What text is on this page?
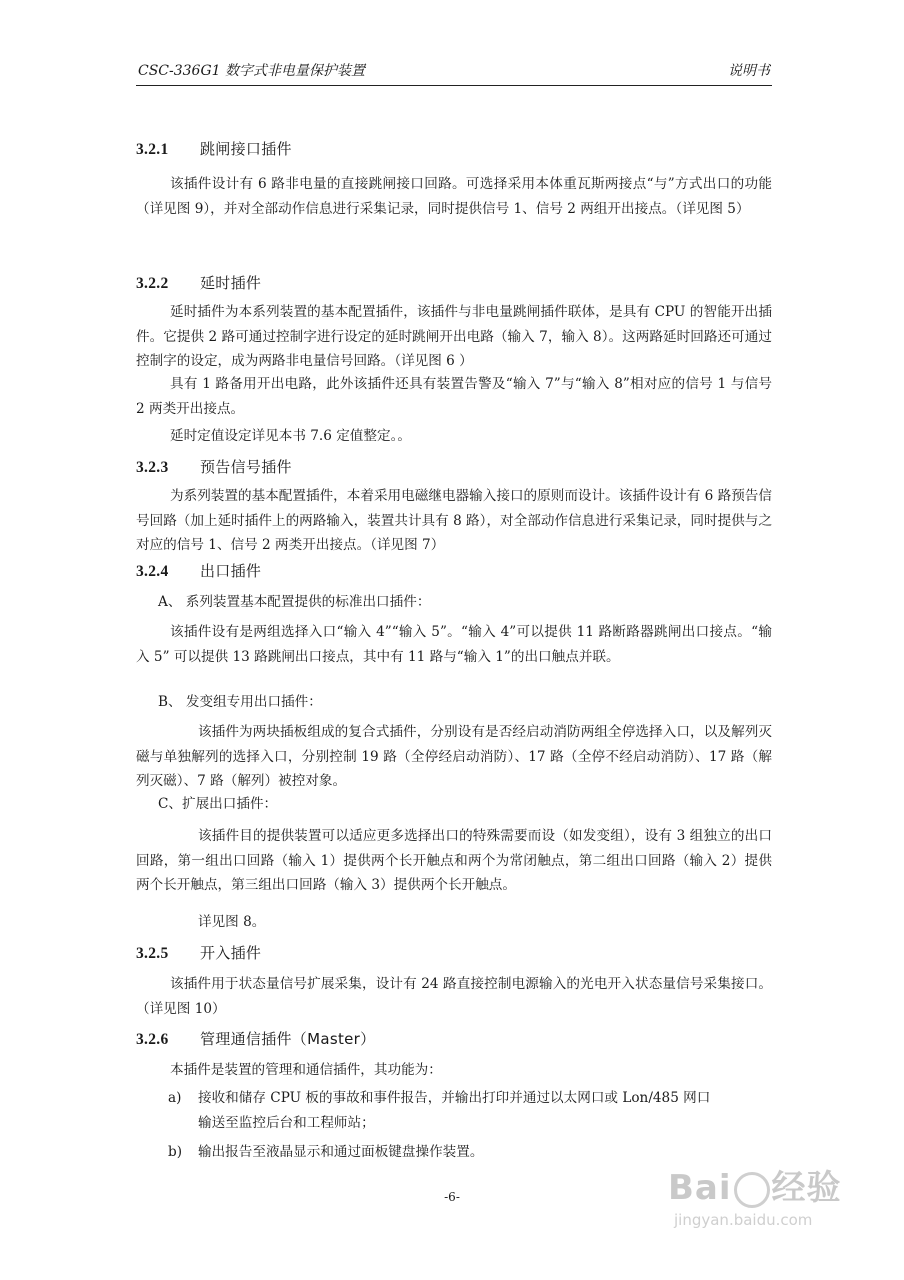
CSC-336G1 数字式非电量保护装置	说明书
3.2.1 跳闸接口插件
该插件设计有 6 路非电量的直接跳闸接口回路。可选择采用本体重瓦斯两接点“与”方式出口的功能（详见图 9），并对全部动作信息进行采集记录，同时提供信号 1、信号 2 两组开出接点。（详见图 5）
3.2.2 延时插件
延时插件为本系列装置的基本配置插件，该插件与非电量跳闸插件联体，是具有 CPU 的智能开出插件。它提供 2 路可通过控制字进行设定的延时跳闸开出电路（输入 7，输入 8）。这两路延时回路还可通过控制字的设定，成为两路非电量信号回路。（详见图 6 ）
具有 1 路备用开出电路，此外该插件还具有装置告警及“输入 7”与“输入 8”相对应的信号 1 与信号 2 两类开出接点。
延时定值设定详见本书 7.6 定值整定。。
3.2.3 预告信号插件
为系列装置的基本配置插件，本着采用电磁继电器输入接口的原则而设计。该插件设计有 6 路预告信号回路（加上延时插件上的两路输入，装置共计具有 8 路），对全部动作信息进行采集记录，同时提供与之对应的信号 1、信号 2 两类开出接点。（详见图 7）
3.2.4 出口插件
A、 系列装置基本配置提供的标准出口插件：
该插件设有是两组选择入口“输入 4”“输入 5”。“输入 4”可以提供 11 路断路器跳闸出口接点。“输入 5” 可以提供 13 路跳闸出口接点，其中有 11 路与“输入 1”的出口触点并联。
B、 发变组专用出口插件：
该插件为两块插板组成的复合式插件，分别设有是否经启动消防两组全停选择入口，以及解列灭磁与单独解列的选择入口，分别控制 19 路（全停经启动消防）、17 路（全停不经启动消防）、17 路（解列灭磁）、7 路（解列）被控对象。
C、扩展出口插件：
该插件目的提供装置可以适应更多选择出口的特殊需要而设（如发变组），设有 3 组独立的出口回路，第一组出口回路（输入 1）提供两个长开触点和两个为常闭触点，第二组出口回路（输入 2）提供两个长开触点，第三组出口回路（输入 3）提供两个长开触点。
详见图 8。
3.2.5 开入插件
该插件用于状态量信号扩展采集，设计有 24 路直接控制电源输入的光电开入状态量信号采集接口。（详见图 10）
3.2.6 管理通信插件（Master）
本插件是装置的管理和通信插件，其功能为：
a) 接收和储存 CPU 板的事故和事件报告，并输出打印并通过以太网口或 Lon/485 网口
输送至监控后台和工程师站；
b) 输出报告至液晶显示和通过面板键盘操作装置。
-6-	Bai 经验
jingyan.baidu.com
